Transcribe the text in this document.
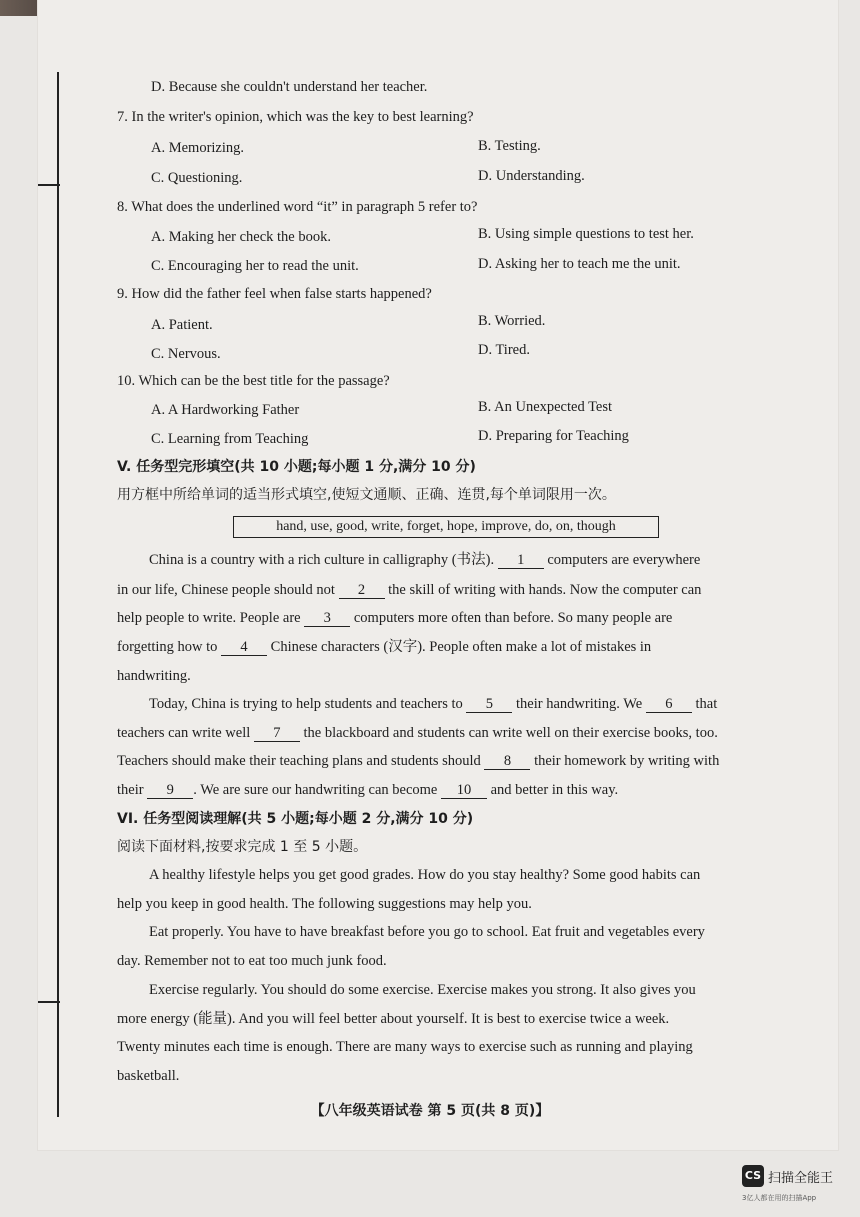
D. Because she couldn't understand her teacher.
7. In the writer's opinion, which was the key to best learning?
A. Memorizing.	B. Testing.
C. Questioning.	D. Understanding.
8. What does the underlined word “it” in paragraph 5 refer to?
A. Making her check the book.	B. Using simple questions to test her.
C. Encouraging her to read the unit.	D. Asking her to teach me the unit.
9. How did the father feel when false starts happened?
A. Patient.	B. Worried.
C. Nervous.	D. Tired.
10. Which can be the best title for the passage?
A. A Hardworking Father	B. An Unexpected Test
C. Learning from Teaching	D. Preparing for Teaching
V. 任务型完形填空(共 10 小题;每小题 1 分,满分 10 分)
用方框中所给单词的适当形式填空,使短文通顺、正确、连贯,每个单词限用一次。
hand, use, good, write, forget, hope, improve, do, on, though
China is a country with a rich culture in calligraphy (书法). 1 computers are everywhere
in our life, Chinese people should not 2 the skill of writing with hands. Now the computer can
help people to write. People are 3 computers more often than before. So many people are
forgetting how to 4 Chinese characters (汉字). People often make a lot of mistakes in
handwriting.
Today, China is trying to help students and teachers to 5 their handwriting. We 6 that
teachers can write well 7 the blackboard and students can write well on their exercise books, too.
Teachers should make their teaching plans and students should 8 their homework by writing with
their 9 . We are sure our handwriting can become 10 and better in this way.
VI. 任务型阅读理解(共 5 小题;每小题 2 分,满分 10 分)
阅读下面材料,按要求完成 1 至 5 小题。
A healthy lifestyle helps you get good grades. How do you stay healthy? Some good habits can
help you keep in good health. The following suggestions may help you.
Eat properly. You have to have breakfast before you go to school. Eat fruit and vegetables every
day. Remember not to eat too much junk food.
Exercise regularly. You should do some exercise. Exercise makes you strong. It also gives you
more energy (能量). And you will feel better about yourself. It is best to exercise twice a week.
Twenty minutes each time is enough. There are many ways to exercise such as running and playing
basketball.
【八年级英语试卷 第 5 页(共 8 页)】
CS 扫描全能王
3亿人都在用的扫描App
